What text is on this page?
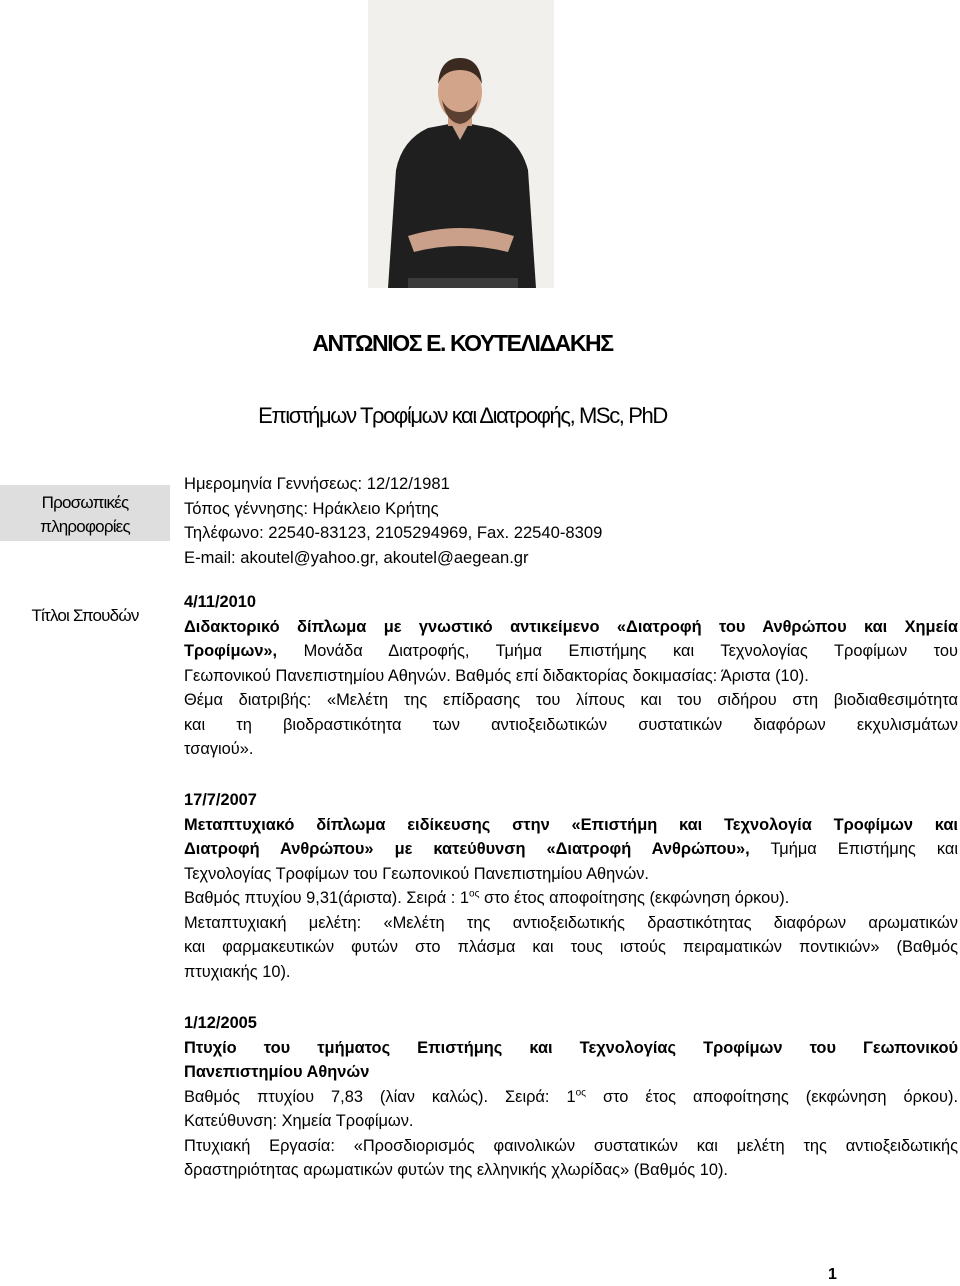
ΑΝΤΩΝΙΟΣ Ε. ΚΟΥΤΕΛΙΔΑΚΗΣ
Επιστήμων Τροφίμων και Διατροφής, MSc, PhD
Προσωπικές πληροφορίες
Τίτλοι Σπουδών

Ημερομηνία Γεννήσεως: 12/12/1981

Τόπος γέννησης: Ηράκλειο Κρήτης

Τηλέφωνο: 22540-83123, 2105294969, Fax. 22540-8309

E-mail: akoutel@yahoo.gr, akoutel@aegean.gr

4/11/2010

Διδακτορικό δίπλωμα με γνωστικό αντικείμενο «Διατροφή του Ανθρώπου και Χημεία

Τροφίμων», Μονάδα Διατροφής, Τμήμα Επιστήμης και Τεχνολογίας Τροφίμων του

Γεωπονικού Πανεπιστημίου Αθηνών. Βαθμός επί διδακτορίας δοκιμασίας: Άριστα (10).

Θέμα διατριβής: «Μελέτη της επίδρασης του λίπους και του σιδήρου στη βιοδιαθεσιμότητα

και τη βιοδραστικότητα των αντιοξειδωτικών συστατικών διαφόρων εκχυλισμάτων

τσαγιού».

17/7/2007

Μεταπτυχιακό δίπλωμα ειδίκευσης στην «Επιστήμη και Τεχνολογία Τροφίμων και

Διατροφή Ανθρώπου» με κατεύθυνση «Διατροφή Ανθρώπου», Τμήμα Επιστήμης και

Τεχνολογίας Τροφίμων του Γεωπονικού Πανεπιστημίου Αθηνών.

Βαθμός πτυχίου 9,31(άριστα). Σειρά : $1^{o\varsigma}$ στο έτος αποφοίτησης (εκφώνηση όρκου).

Μεταπτυχιακή μελέτη: «Μελέτη της αντιοξειδωτικής δραστικότητας διαφόρων αρωματικών

και φαρμακευτικών φυτών στο πλάσμα και τους ιστούς πειραματικών ποντικιών» (Βαθμός

πτυχιακής 10).

1/12/2005

Πτυχίο του τμήματος Επιστήμης και Τεχνολογίας Τροφίμων του Γεωπονικού

Πανεπιστημίου Αθηνών

Βαθμός πτυχίου 7,83 (λίαν καλώς). Σειρά: $1^{o\varsigma}$ στο έτος αποφοίτησης (εκφώνηση όρκου).

Κατεύθυνση: Χημεία Τροφίμων.

Πτυχιακή Εργασία: «Προσδιορισμός φαινολικών συστατικών και μελέτη της αντιοξειδωτικής

δραστηριότητας αρωματικών φυτών της ελληνικής χλωρίδας» (Βαθμός 10).

1
